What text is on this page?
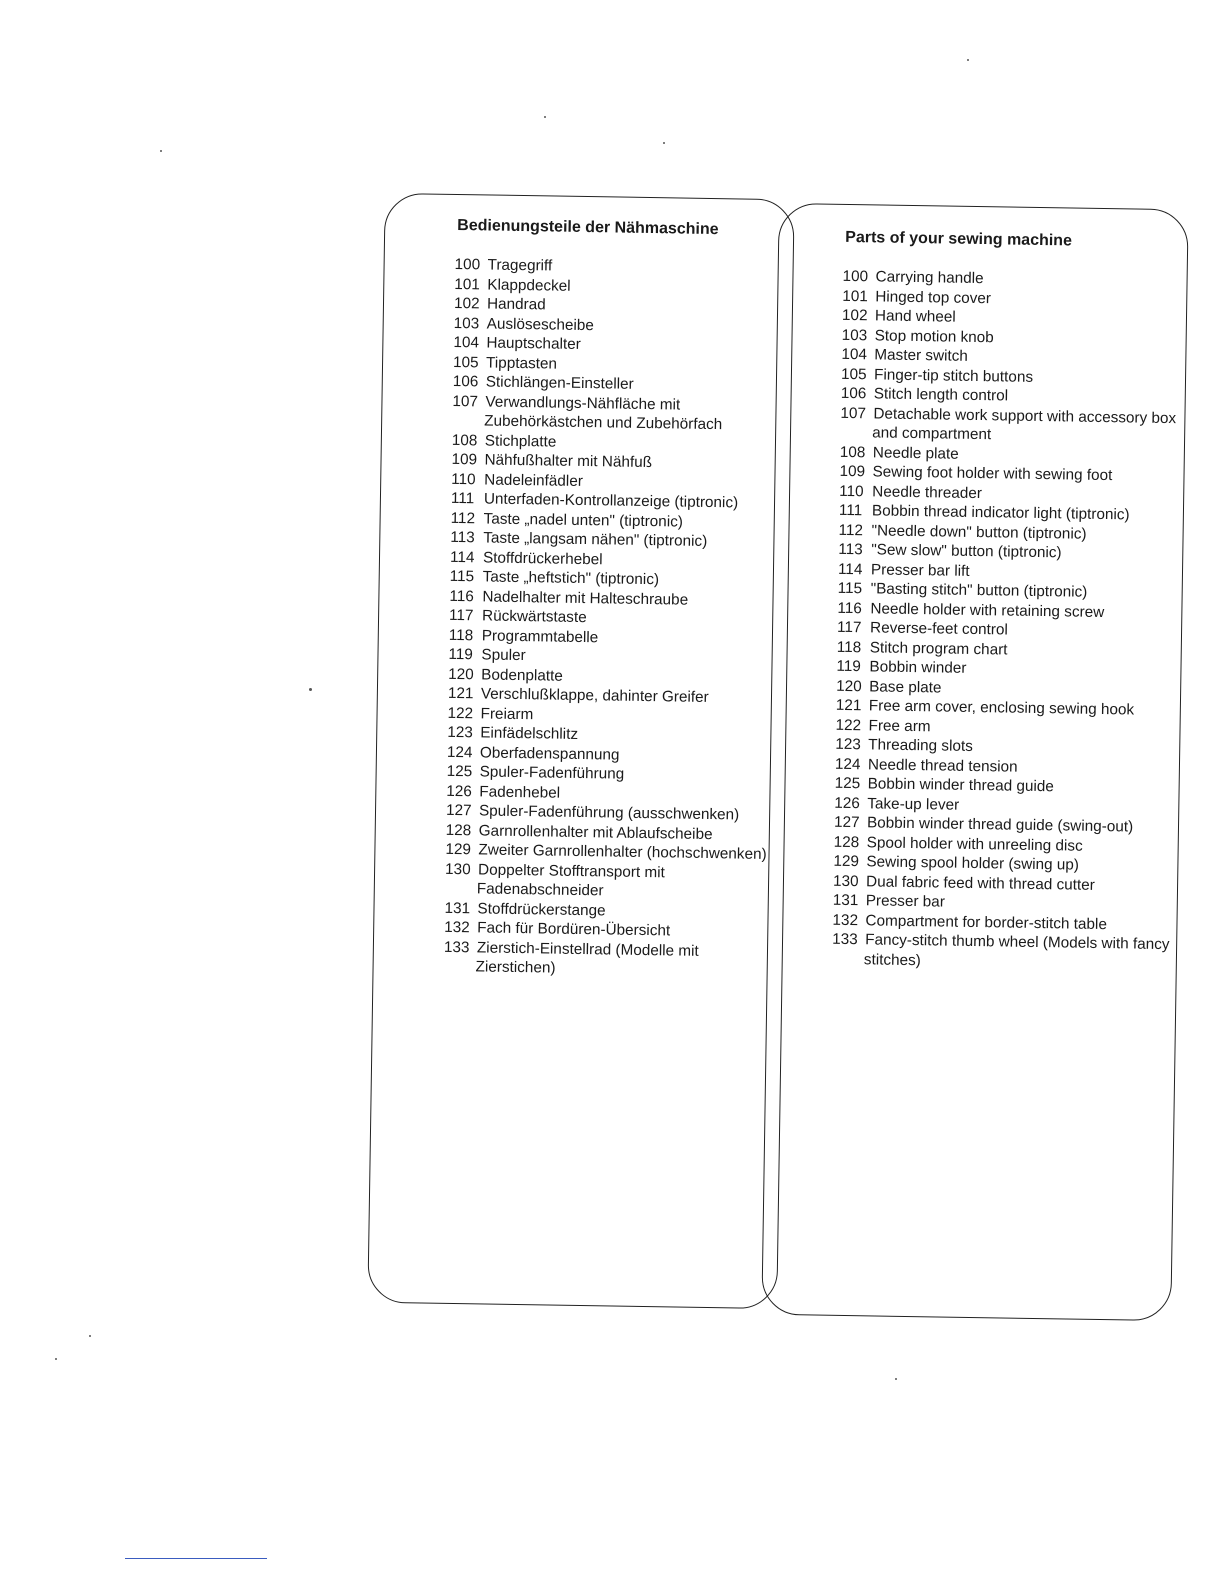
Bedienungsteile der Nähmaschine
100 Tragegriff
101 Klappdeckel
102 Handrad
103 Auslösescheibe
104 Hauptschalter
105 Tipptasten
106 Stichlängen-Einsteller
107 Verwandlungs-Nähfläche mit Zubehörkästchen und Zubehörfach
108 Stichplatte
109 Nähfußhalter mit Nähfuß
110 Nadeleinfädler
111 Unterfaden-Kontrollanzeige (tiptronic)
112 Taste „nadel unten" (tiptronic)
113 Taste „langsam nähen" (tiptronic)
114 Stoffdrückerhebel
115 Taste „heftstich" (tiptronic)
116 Nadelhalter mit Halteschraube
117 Rückwärtstaste
118 Programmtabelle
119 Spuler
120 Bodenplatte
121 Verschlußklappe, dahinter Greifer
122 Freiarm
123 Einfädelschlitz
124 Oberfadenspannung
125 Spuler-Fadenführung
126 Fadenhebel
127 Spuler-Fadenführung (ausschwenken)
128 Garnrollenhalter mit Ablaufscheibe
129 Zweiter Garnrollenhalter (hochschwenken)
130 Doppelter Stofftransport mit Fadenabschneider
131 Stoffdrückerstange
132 Fach für Bordüren-Übersicht
133 Zierstich-Einstellrad (Modelle mit Zierstichen)
Parts of your sewing machine
100 Carrying handle
101 Hinged top cover
102 Hand wheel
103 Stop motion knob
104 Master switch
105 Finger-tip stitch buttons
106 Stitch length control
107 Detachable work support with accessory box and compartment
108 Needle plate
109 Sewing foot holder with sewing foot
110 Needle threader
111 Bobbin thread indicator light (tiptronic)
112 "Needle down" button (tiptronic)
113 "Sew slow" button (tiptronic)
114 Presser bar lift
115 "Basting stitch" button (tiptronic)
116 Needle holder with retaining screw
117 Reverse-feet control
118 Stitch program chart
119 Bobbin winder
120 Base plate
121 Free arm cover, enclosing sewing hook
122 Free arm
123 Threading slots
124 Needle thread tension
125 Bobbin winder thread guide
126 Take-up lever
127 Bobbin winder thread guide (swing-out)
128 Spool holder with unreeling disc
129 Sewing spool holder (swing up)
130 Dual fabric feed with thread cutter
131 Presser bar
132 Compartment for border-stitch table
133 Fancy-stitch thumb wheel (Models with fancy stitches)
